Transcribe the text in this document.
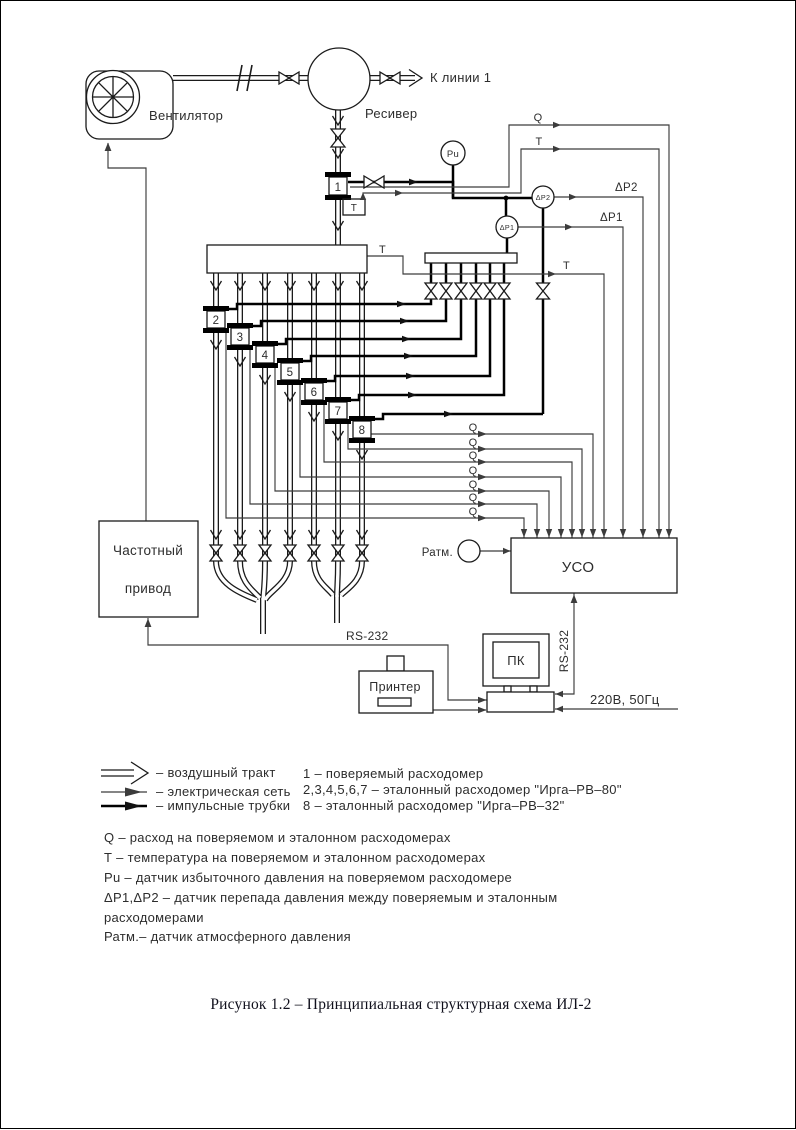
Вентилятор	Ресивер
К линии 1
Pu
Q
Т
ΔР2
ΔР1
ΔР2
ΔР1
1
Т
Т
Т
2
3
4
5
6
7
8	Q
Q
Q
Q
Q
Q
Q
Частотный
привод
УСО
Ратм.
RS-232	RS-232
ПК
Принтер
220В, 50Гц
– воздушный тракт
– электрическая сеть
– импульсные трубки
1 – поверяемый расходомер
2,3,4,5,6,7 – эталонный расходомер "Ирга–РВ–80"
8 – эталонный расходомер "Ирга–РВ–32"
Q – расход на поверяемом и эталонном расходомерах
Т – температура на поверяемом и эталонном расходомерах
Pu – датчик избыточного давления на поверяемом расходомере
ΔР1,ΔР2 – датчик перепада давления между поверяемым и эталонным
расходомерами
Ратм.– датчик атмосферного давления
Рисунок 1.2 – Принципиальная структурная схема ИЛ-2
